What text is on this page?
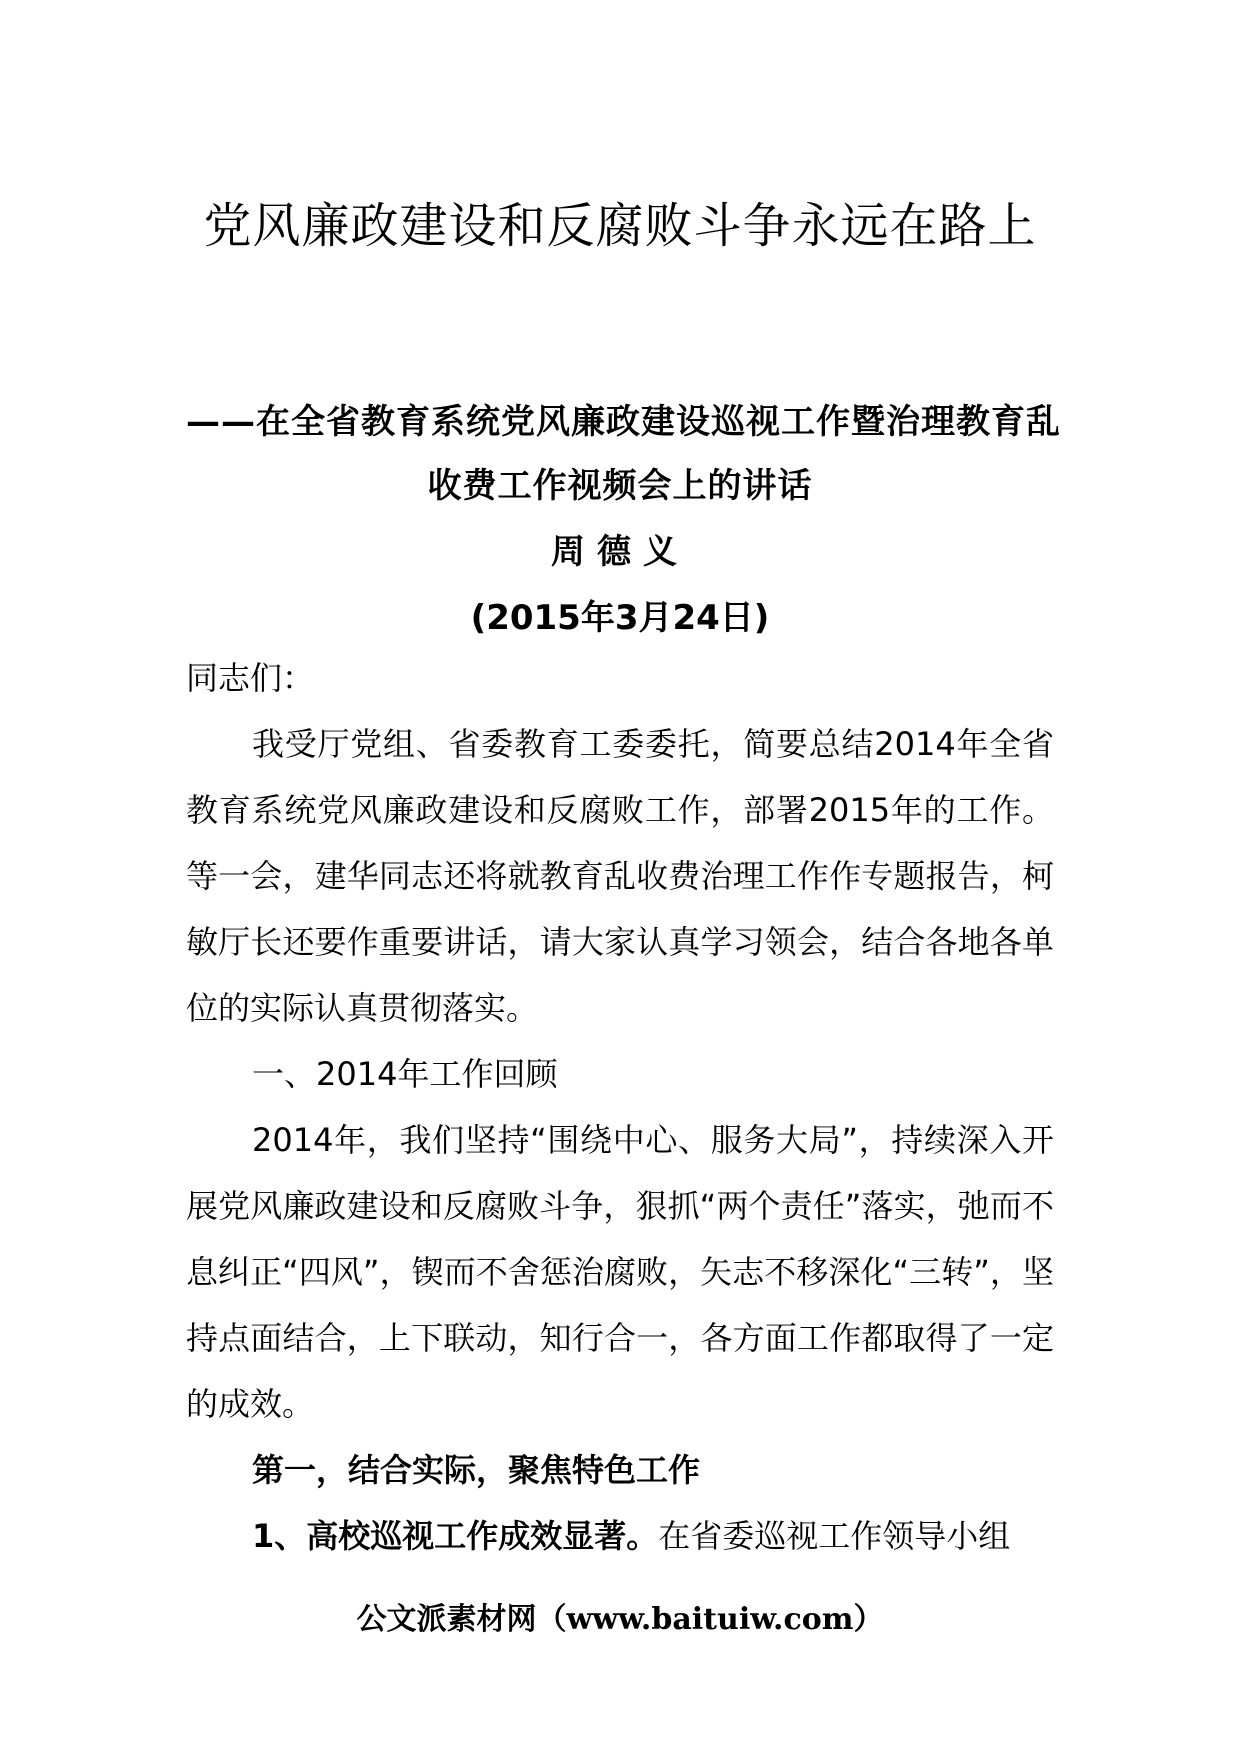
党风廉政建设和反腐败斗争永远在路上
——在全省教育系统党风廉政建设巡视工作暨治理教育乱
收费工作视频会上的讲话
周德义
(2015年3月24日)

同志们：

我受厅党组、省委教育工委委托，简要总结2014年全省教育系统党风廉政建设和反腐败工作，部署2015年的工作。等一会，建华同志还将就教育乱收费治理工作作专题报告，柯敏厅长还要作重要讲话，请大家认真学习领会，结合各地各单位的实际认真贯彻落实。

一、2014年工作回顾

2014年，我们坚持“围绕中心、服务大局”，持续深入开展党风廉政建设和反腐败斗争，狠抓“两个责任”落实，弛而不息纠正“四风”，锲而不舍惩治腐败，矢志不移深化“三转”，坚持点面结合，上下联动，知行合一，各方面工作都取得了一定的成效。

第一，结合实际，聚焦特色工作

1、高校巡视工作成效显著。在省委巡视工作领导小组

公文派素材网（www.baituiw.com）
